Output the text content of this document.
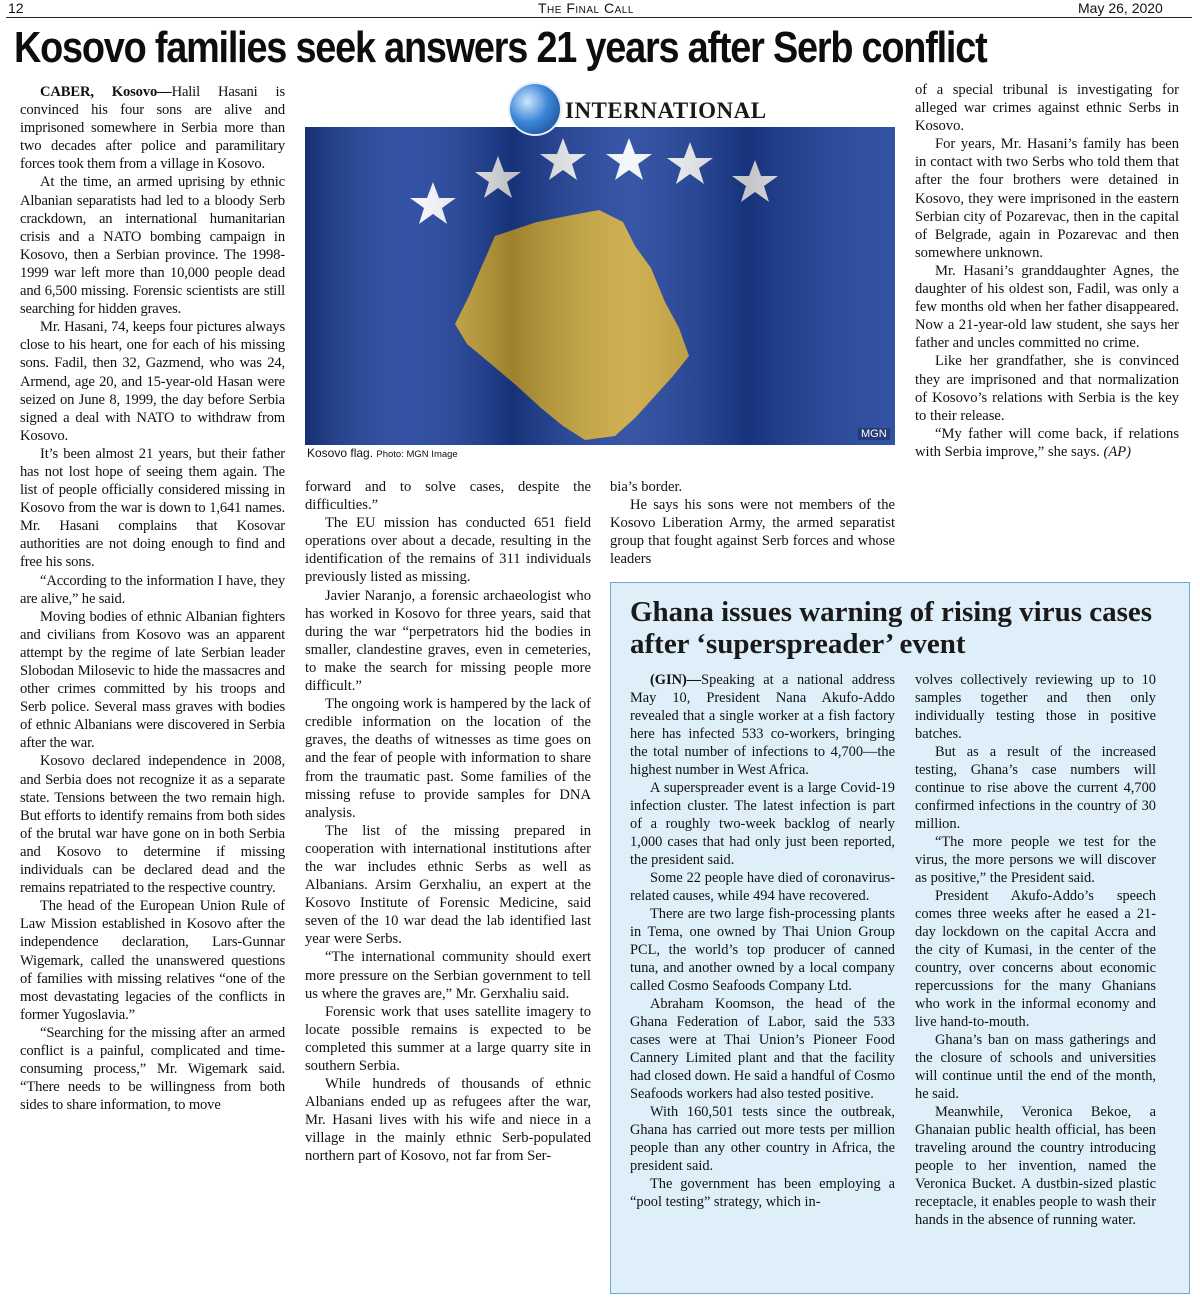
12	The Final Call	May 26, 2020
Kosovo families seek answers 21 years after Serb conflict

CABER, Kosovo—Halil Hasani is convinced his four sons are alive and imprisoned somewhere in Serbia more than two decades after police and paramilitary forces took them from a village in Kosovo.

At the time, an armed uprising by ethnic Albanian separatists had led to a bloody Serb crackdown, an international humanitarian crisis and a NATO bombing campaign in Kosovo, then a Serbian province. The 1998-1999 war left more than 10,000 people dead and 6,500 missing. Forensic scientists are still searching for hidden graves.

Mr. Hasani, 74, keeps four pictures always close to his heart, one for each of his missing sons. Fadil, then 32, Gazmend, who was 24, Armend, age 20, and 15-year-old Hasan were seized on June 8, 1999, the day before Serbia signed a deal with NATO to withdraw from Kosovo.

It’s been almost 21 years, but their father has not lost hope of seeing them again. The list of people officially considered missing in Kosovo from the war is down to 1,641 names. Mr. Hasani complains that Kosovar authorities are not doing enough to find and free his sons.

“According to the information I have, they are alive,” he said.

Moving bodies of ethnic Albanian fighters and civilians from Kosovo was an apparent attempt by the regime of late Serbian leader Slobodan Milosevic to hide the massacres and other crimes committed by his troops and Serb police. Several mass graves with bodies of ethnic Albanians were discovered in Serbia after the war.

Kosovo declared independence in 2008, and Serbia does not recognize it as a separate state. Tensions between the two remain high. But efforts to identify remains from both sides of the brutal war have gone on in both Serbia and Kosovo to determine if missing individuals can be declared dead and the remains repatriated to the respective country.

The head of the European Union Rule of Law Mission established in Kosovo after the independence declaration, Lars-Gunnar Wigemark, called the unanswered questions of families with missing relatives “one of the most devastating legacies of the conflicts in former Yugoslavia.”

“Searching for the missing after an armed conflict is a painful, complicated and time-consuming process,” Mr. Wigemark said. “There needs to be willingness from both sides to share information, to move

INTERNATIONAL
MGN
Kosovo flag. Photo: MGN Image

forward and to solve cases, despite the difficulties.”

The EU mission has conducted 651 field operations over about a decade, resulting in the identification of the remains of 311 individuals previously listed as missing.

Javier Naranjo, a forensic archaeologist who has worked in Kosovo for three years, said that during the war “perpetrators hid the bodies in smaller, clandestine graves, even in cemeteries, to make the search for missing people more difficult.”

The ongoing work is hampered by the lack of credible information on the location of the graves, the deaths of witnesses as time goes on and the fear of people with information to share from the traumatic past. Some families of the missing refuse to provide samples for DNA analysis.

The list of the missing prepared in cooperation with international institutions after the war includes ethnic Serbs as well as Albanians. Arsim Gerxhaliu, an expert at the Kosovo Institute of Forensic Medicine, said seven of the 10 war dead the lab identified last year were Serbs.

“The international community should exert more pressure on the Serbian government to tell us where the graves are,” Mr. Gerxhaliu said.

Forensic work that uses satellite imagery to locate possible remains is expected to be completed this summer at a large quarry site in southern Serbia.

While hundreds of thousands of ethnic Albanians ended up as refugees after the war, Mr. Hasani lives with his wife and niece in a village in the mainly ethnic Serb-populated northern part of Kosovo, not far from Ser-

bia’s border.

He says his sons were not members of the Kosovo Liberation Army, the armed separatist group that fought against Serb forces and whose leaders

of a special tribunal is investigating for alleged war crimes against ethnic Serbs in Kosovo.

For years, Mr. Hasani’s family has been in contact with two Serbs who told them that after the four brothers were detained in Kosovo, they were imprisoned in the eastern Serbian city of Pozarevac, then in the capital of Belgrade, again in Pozarevac and then somewhere unknown.

Mr. Hasani’s granddaughter Agnes, the daughter of his oldest son, Fadil, was only a few months old when her father disappeared. Now a 21-year-old law student, she says her father and uncles committed no crime.

Like her grandfather, she is convinced they are imprisoned and that normalization of Kosovo’s relations with Serbia is the key to their release.

“My father will come back, if relations with Serbia improve,” she says. (AP)

Ghana issues warning of rising virus cases after ‘superspreader’ event

(GIN)—Speaking at a national address May 10, President Nana Akufo-Addo revealed that a single worker at a fish factory here has infected 533 co-workers, bringing the total number of infections to 4,700—the highest number in West Africa.

A superspreader event is a large Covid-19 infection cluster. The latest infection is part of a roughly two-week backlog of nearly 1,000 cases that had only just been reported, the president said.

Some 22 people have died of coronavirus-related causes, while 494 have recovered.

There are two large fish-processing plants in Tema, one owned by Thai Union Group PCL, the world’s top producer of canned tuna, and another owned by a local company called Cosmo Seafoods Company Ltd.

Abraham Koomson, the head of the Ghana Federation of Labor, said the 533 cases were at Thai Union’s Pioneer Food Cannery Limited plant and that the facility had closed down. He said a handful of Cosmo Seafoods workers had also tested positive.

With 160,501 tests since the outbreak, Ghana has carried out more tests per million people than any other country in Africa, the president said.

The government has been employing a “pool testing” strategy, which in-

volves collectively reviewing up to 10 samples together and then only individually testing those in positive batches.

But as a result of the increased testing, Ghana’s case numbers will continue to rise above the current 4,700 confirmed infections in the country of 30 million.

“The more people we test for the virus, the more persons we will discover as positive,” the President said.

President Akufo-Addo’s speech comes three weeks after he eased a 21-day lockdown on the capital Accra and the city of Kumasi, in the center of the country, over concerns about economic repercussions for the many Ghanians who work in the informal economy and live hand-to-mouth.

Ghana’s ban on mass gatherings and the closure of schools and universities will continue until the end of the month, he said.

Meanwhile, Veronica Bekoe, a Ghanaian public health official, has been traveling around the country introducing people to her invention, named the Veronica Bucket. A dustbin-sized plastic receptacle, it enables people to wash their hands in the absence of running water.
